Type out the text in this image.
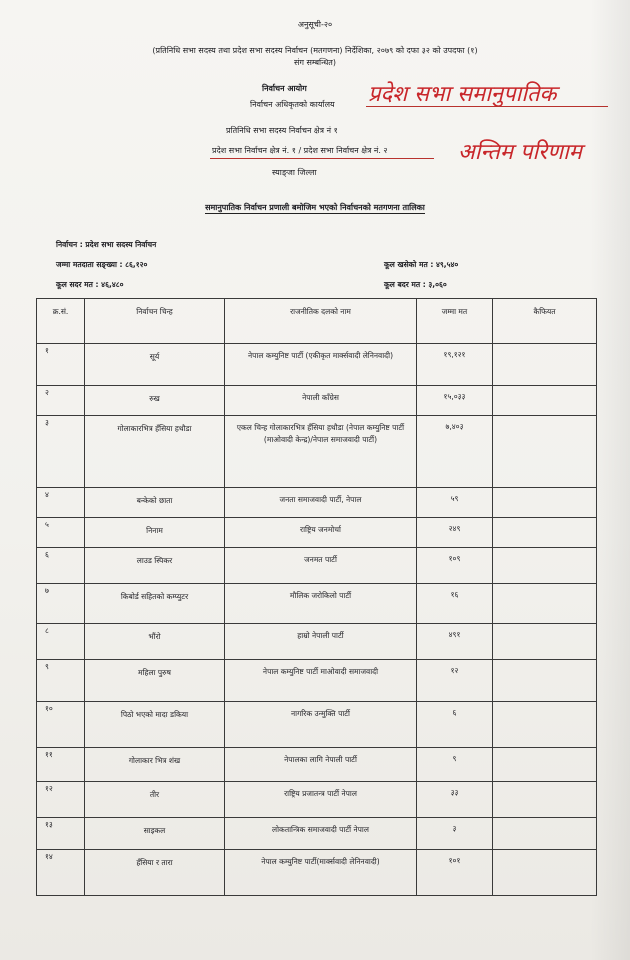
अनुसूची-२०
(प्रतिनिधि सभा सदस्य तथा प्रदेश सभा सदस्य निर्वाचन (मतगणना) निर्देशिका, २०७९ को दफा ३२ को उपदफा (१)
संग सम्बन्धित)
निर्वाचन आयोग
निर्वाचन अधिकृतको कार्यालय
प्रतिनिधि सभा सदस्य निर्वाचन क्षेत्र नं १
प्रदेश सभा निर्वाचन क्षेत्र नं. १ / प्रदेश सभा निर्वाचन क्षेत्र नं. २
स्याङ्जा जिल्ला
प्रदेश सभा समानुपातिक
अन्तिम परिणाम
समानुपातिक निर्वाचन प्रणाली बमोजिम भएको निर्वाचनको मतगणना तालिका
निर्वाचन : प्रदेश सभा सदस्य निर्वाचन
जम्मा मतदाता सङ्ख्या : ८६,१२०
कूल सदर मत : ४६,४८०
कूल खसेको मत : ४९,५४०
कूल बदर मत : ३,०६०
क्र.सं.	निर्वाचन चिन्ह	राजनीतिक दलको नाम	जम्मा मत	कैफियत
१	सूर्य	नेपाल कम्युनिष्ट पार्टी (एकीकृत मार्क्सवादी लेनिनवादी)	१९,१२१	
२	रुख	नेपाली काँग्रेस	१५,०३३	
३	गोलाकारभित्र हँसिया हथौडा	एकल चिन्ह गोलाकारभित्र हँसिया हथौडा (नेपाल कम्युनिष्ट पार्टी (माओवादी केन्द्र)/नेपाल समाजवादी पार्टी)	७,४०३	
४	बन्केको छाता	जनता समाजवादी पार्टी, नेपाल	५९	
५	निनाम	राष्ट्रिय जनमोर्चा	२४९	
६	लाउड स्पिकर	जनमत पार्टी	१०९	
७	किबोर्ड सहितको कम्प्युटर	मौलिक जरोकिलो पार्टी	१६	
८	भौंरो	हाम्रो नेपाली पार्टी	४९१	
९	महिला पुरुष	नेपाल कम्युनिष्ट पार्टी माओवादी समाजवादी	१२	
१०	पिठो भएको मादा डकिया	नागरिक उन्मुक्ति पार्टी	६	
११	गोलाकार भित्र शंख	नेपालका लागि नेपाली पार्टी	९	
१२	तीर	राष्ट्रिय प्रजातन्त्र पार्टी नेपाल	३३	
१३	साइकल	लोकतान्त्रिक समाजवादी पार्टी नेपाल	३	
१४	हँसिया र तारा	नेपाल कम्युनिष्ट पार्टी(मार्क्सवादी लेनिनवादी)	१०१	
